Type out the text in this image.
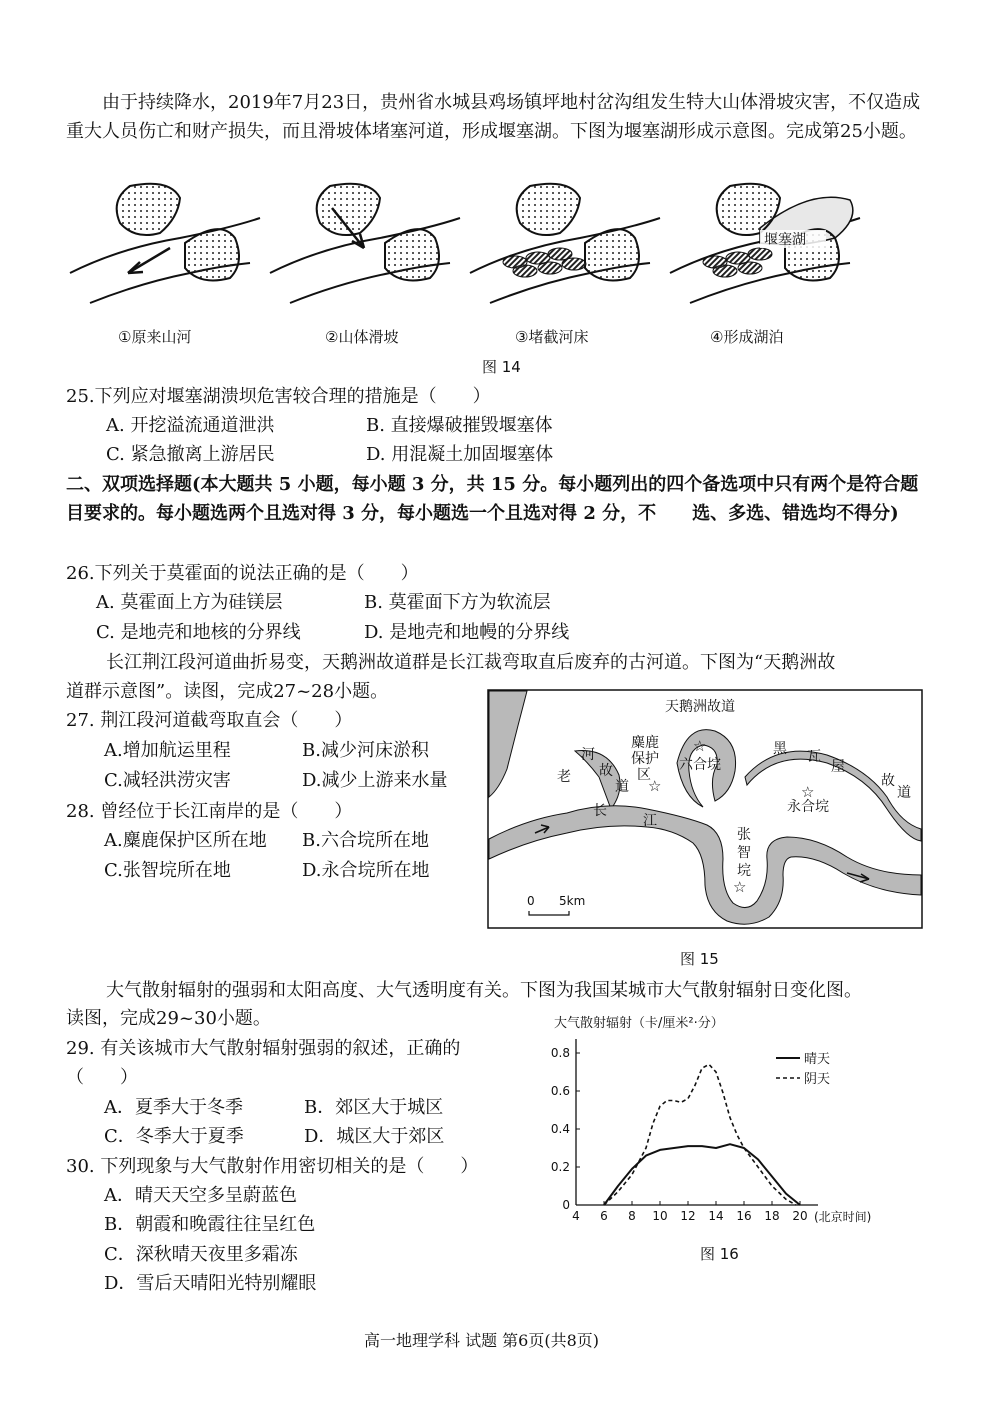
由于持续降水，2019年7月23日，贵州省水城县鸡场镇坪地村岔沟组发生特大山体滑坡灾害，不仅造成重大人员伤亡和财产损失，而且滑坡体堵塞河道，形成堰塞湖。下图为堰塞湖形成示意图。完成第25小题。
堰塞湖
①原来山河	②山体滑坡	③堵截河床	④形成湖泊
图 14
25.下列应对堰塞湖溃坝危害较合理的措施是（　　）
A. 开挖溢流通道泄洪	B. 直接爆破摧毁堰塞体
C. 紧急撤离上游居民	D. 用混凝土加固堰塞体
二、双项选择题(本大题共 5 小题，每小题 3 分，共 15 分。每小题列出的四个备选项中只有两个是符合题目要求的。每小题选两个且选对得 3 分，每小题选一个且选对得 2 分，不　　选、多选、错选均不得分)
26.下列关于莫霍面的说法正确的是（　　）
A. 莫霍面上方为硅镁层	B. 莫霍面下方为软流层
C. 是地壳和地核的分界线	D. 是地壳和地幔的分界线
长江荆江段河道曲折易变，天鹅洲故道群是长江裁弯取直后废弃的古河道。下图为“天鹅洲故
道群示意图”。读图，完成27~28小题。
27. 荆江段河道截弯取直会（　　）
A.增加航运里程	B.减少河床淤积
C.减轻洪涝灾害	D.减少上游来水量
28. 曾经位于长江南岸的是（　　）
A.麋鹿保护区所在地 B.六合垸所在地
C.张智垸所在地	D.永合垸所在地
☆
☆
☆
☆
天鹅洲故道
老
河
故
道
麋鹿
保护
区
六合垸
黑 瓦
屋
故
道
永合垸
长
江
张
智
垸
0 5km
图 15
大气散射辐射的强弱和太阳高度、大气透明度有关。下图为我国某城市大气散射辐射日变化图。
读图，完成29~30小题。
29. 有关该城市大气散射辐射强弱的叙述，正确的
（　　）
A．夏季大于冬季	B．郊区大于城区
C．冬季大于夏季	D．城区大于郊区
30. 下列现象与大气散射作用密切相关的是（　　）
A．晴天天空多呈蔚蓝色
B．朝霞和晚霞往往呈红色
C．深秋晴天夜里多霜冻
D．雪后天晴阳光特别耀眼
大气散射辐射（卡/厘米²·分）
(北京时间)
4 6 8 10 12 14 16 18 20
0
0.2
0.4
0.6
0.8	晴天
阴天
图 16
高一地理学科 试题 第6页(共8页)
